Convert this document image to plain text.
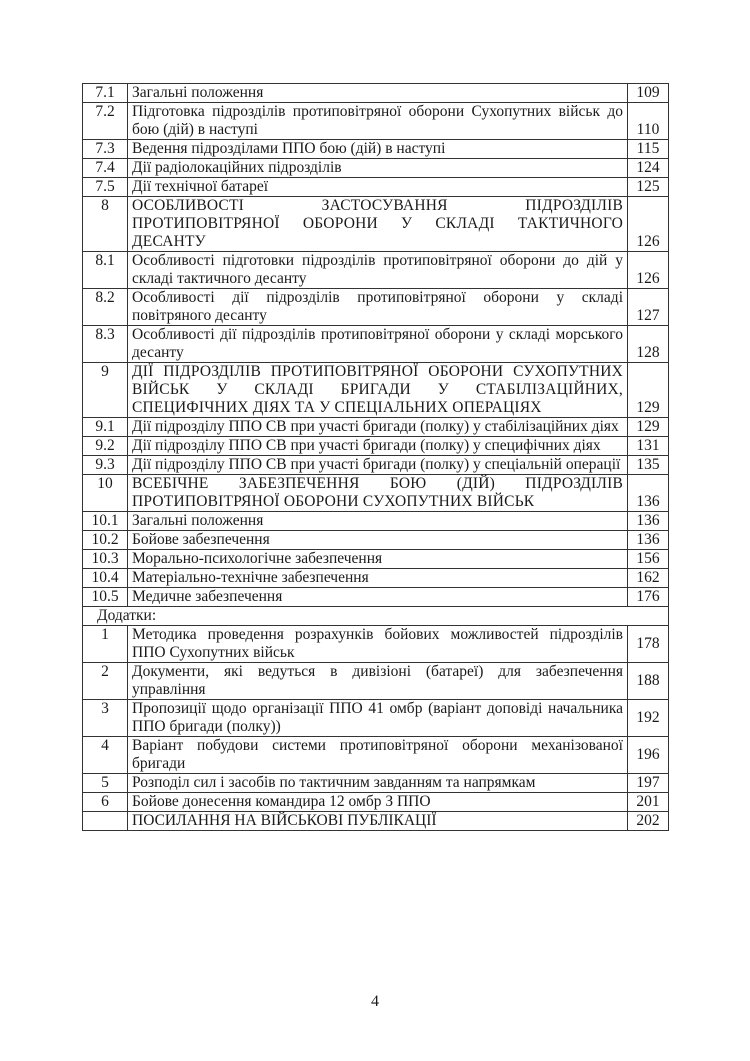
7.1	Загальні положення	109
7.2	Підготовка підрозділів протиповітряної оборони Сухопутних військ до бою (дій) в наступі	110
7.3	Ведення підрозділами ППО бою (дій) в наступі	115
7.4	Дії радіолокаційних підрозділів	124
7.5	Дії технічної батареї	125
8	ОСОБЛИВОСТІ ЗАСТОСУВАННЯ ПІДРОЗДІЛІВ ПРОТИПОВІТРЯНОЇ ОБОРОНИ У СКЛАДІ ТАКТИЧНОГО ДЕСАНТУ	126
8.1	Особливості підготовки підрозділів протиповітряної оборони до дій у складі тактичного десанту	126
8.2	Особливості дії підрозділів протиповітряної оборони у складі повітряного десанту	127
8.3	Особливості дії підрозділів протиповітряної оборони у складі морського десанту	128
9	ДІЇ ПІДРОЗДІЛІВ ПРОТИПОВІТРЯНОЇ ОБОРОНИ СУХОПУТНИХ ВІЙСЬК У СКЛАДІ БРИГАДИ У СТАБІЛІЗАЦІЙНИХ, СПЕЦИФІЧНИХ ДІЯХ ТА У СПЕЦІАЛЬНИХ ОПЕРАЦІЯХ	129
9.1	Дії підрозділу ППО СВ при участі бригади (полку) у стабілізаційних діях	129
9.2	Дії підрозділу ППО СВ при участі бригади (полку) у специфічних діях	131
9.3	Дії підрозділу ППО СВ при участі бригади (полку) у спеціальній операції	135
10	ВСЕБІЧНЕ ЗАБЕЗПЕЧЕННЯ БОЮ (ДІЙ) ПІДРОЗДІЛІВ ПРОТИПОВІТРЯНОЇ ОБОРОНИ СУХОПУТНИХ ВІЙСЬК	136
10.1	Загальні положення	136
10.2	Бойове забезпечення	136
10.3	Морально-психологічне забезпечення	156
10.4	Матеріально-технічне забезпечення	162
10.5	Медичне забезпечення	176
Додатки:		
1	Методика проведення розрахунків бойових можливостей підрозділів ППО Сухопутних військ	178
2	Документи, які ведуться в дивізіоні (батареї) для забезпечення управління	188
3	Пропозиції щодо організації ППО 41 омбр (варіант доповіді начальника ППО бригади (полку))	192
4	Варіант побудови системи протиповітряної оборони механізованої бригади	196
5	Розподіл сил і засобів по тактичним завданням та напрямкам	197
6	Бойове донесення командира 12 омбр З ППО	201
	ПОСИЛАННЯ НА ВІЙСЬКОВІ ПУБЛІКАЦІЇ	202
4
